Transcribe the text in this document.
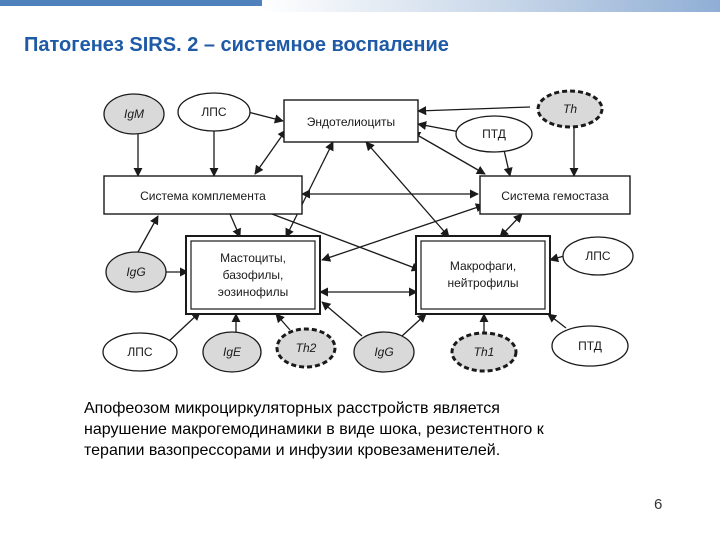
Патогенез SIRS. 2 – системное воспаление
Эндотелиоциты
Система комплемента	Система гемостаза
Мастоциты,
базофилы,
эозинофилы
Макрофаги,
нейтрофилы
IgM	ЛПС	Th
ПТД
IgG
ЛПС
ЛПС	IgE	Th2	IgG	Th1	ПТД
Апофеозом микроциркуляторных расстройств является
нарушение макрогемодинамики в виде шока, резистентного к
терапии вазопрессорами и инфузии кровезаменителей.
6
